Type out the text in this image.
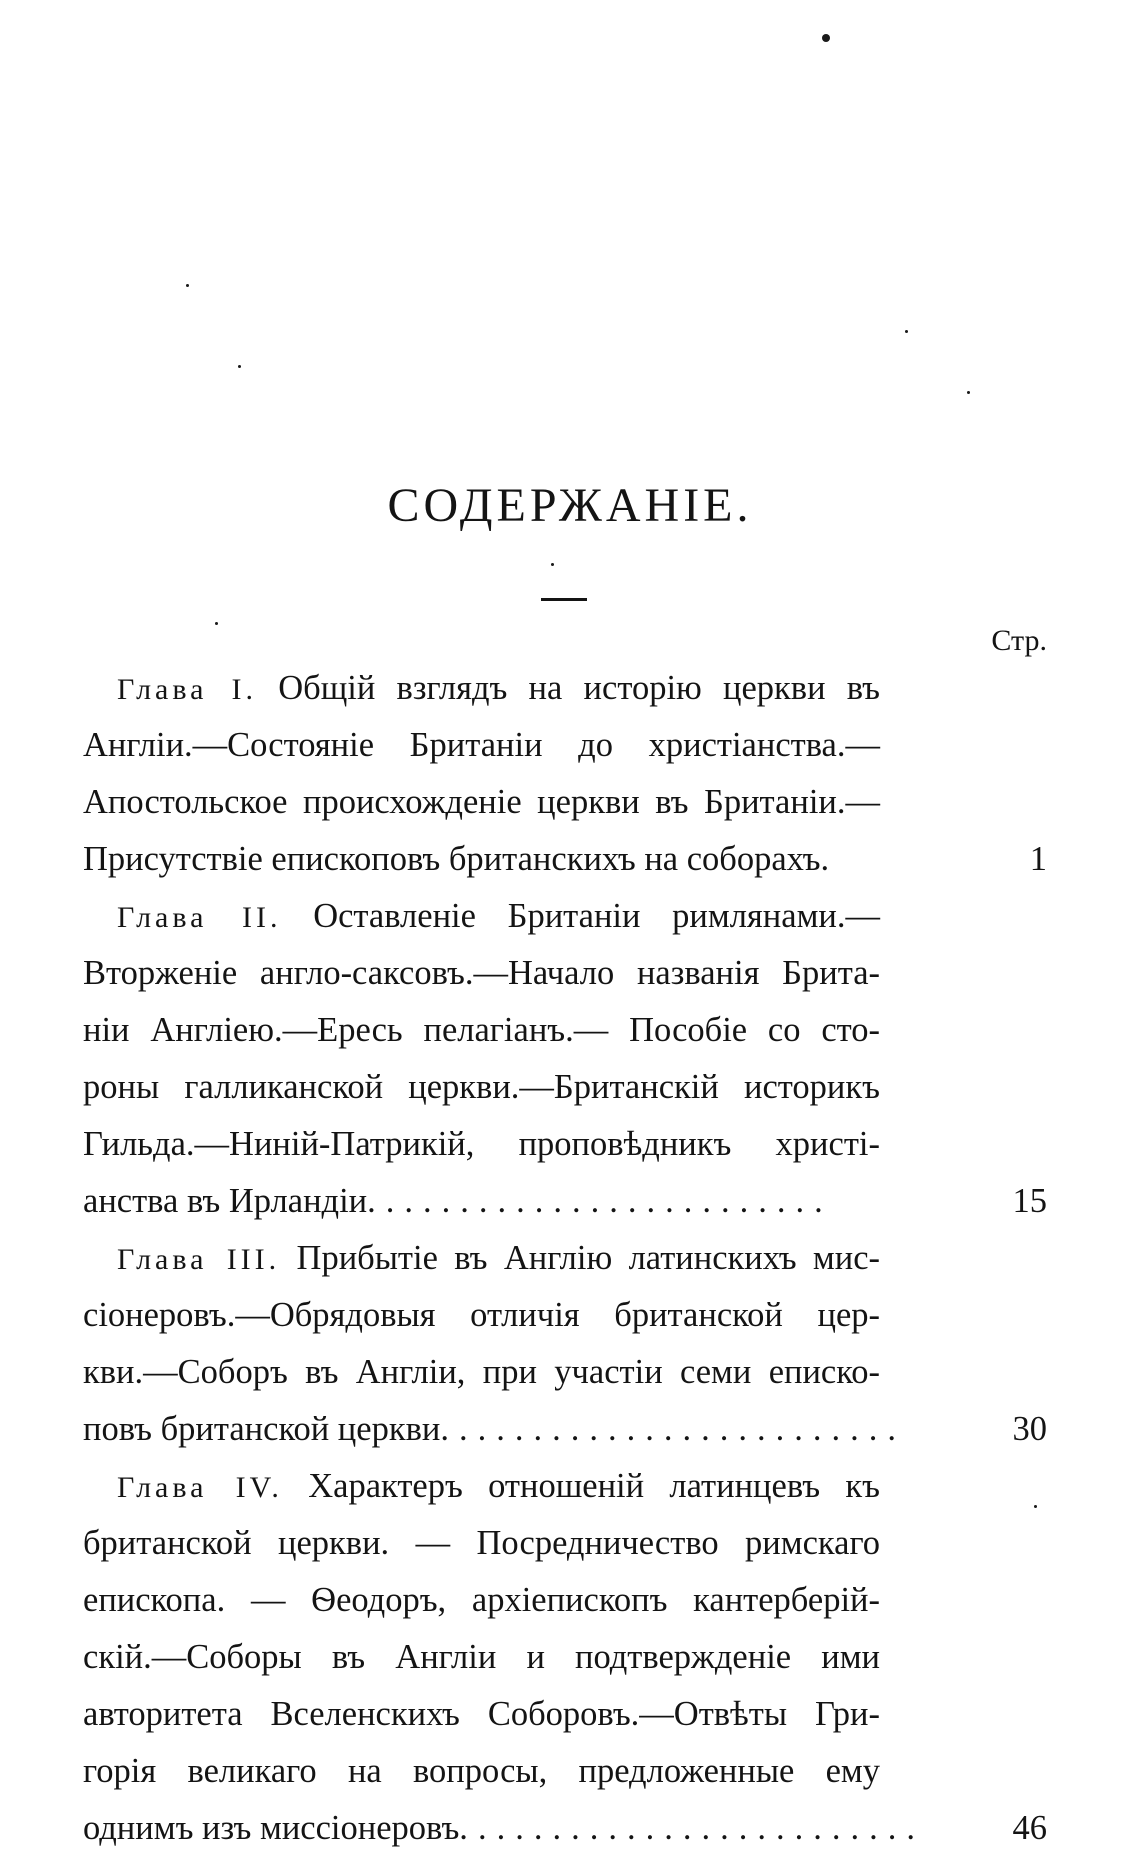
СОДЕРЖАНІЕ.
Стр.
Глава I. Общій взглядъ на исторію церкви въ
Англіи.—Состояніе Британіи до христіанства.—
Апостольское происхожденіе церкви въ Британіи.—
Присутствіе епископовъ британскихъ на соборахъ.	1
Глава II. Оставленіе Британіи римлянами.—
Вторженіе англо-саксовъ.—Начало названія Брита-
ніи Англіею.—Ересь пелагіанъ.— Пособіе со сто-
роны галликанской церкви.—Британскій историкъ
Гильда.—Ниній-Патрикій, проповѣдникъ христі-
анства въ Ирландіи. ........................	15
Глава III. Прибытіе въ Англію латинскихъ мис-
сіонеровъ.—Обрядовыя отличія британской цер-
кви.—Соборъ въ Англіи, при участіи семи еписко-
повъ британской церкви. ........................	30
Глава IV. Характеръ отношеній латинцевъ къ
британской церкви. — Посредничество римскаго
епископа. — Ѳеодоръ, архіепископъ кантерберій-
скій.—Соборы въ Англіи и подтвержденіе ими
авторитета Вселенскихъ Соборовъ.—Отвѣты Гри-
горія великаго на вопросы, предложенные ему
однимъ изъ миссіонеровъ. ........................	46
